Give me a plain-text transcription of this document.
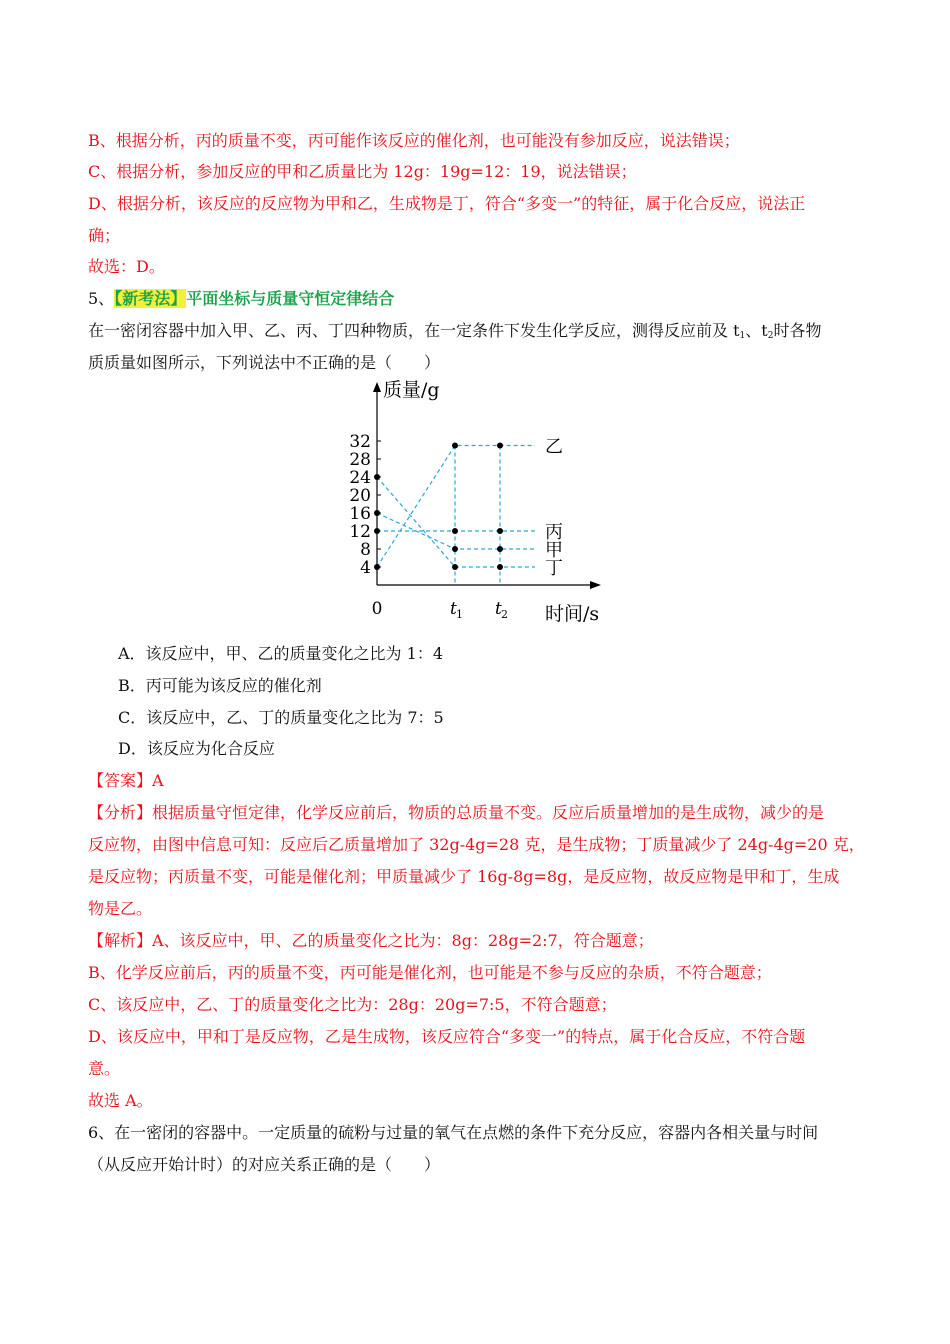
B、根据分析，丙的质量不变，丙可能作该反应的催化剂，也可能没有参加反应，说法错误；
C、根据分析，参加反应的甲和乙质量比为 12g：19g=12：19，说法错误；
D、根据分析，该反应的反应物为甲和乙，生成物是丁，符合“多变一”的特征，属于化合反应，说法正
确；
故选：D。
5、【新考法】平面坐标与质量守恒定律结合
在一密闭容器中加入甲、乙、丙、丁四种物质，在一定条件下发生化学反应，测得反应前及 $t_1$、$t_2$时各物
质质量如图所示，下列说法中不正确的是（　　）
4
8
12
16
20
24
28
32
t 1 t 2
质量/g
时间/s
0
乙
丙
甲
丁
A．该反应中，甲、乙的质量变化之比为 1：4
B．丙可能为该反应的催化剂
C．该反应中，乙、丁的质量变化之比为 7：5
D．该反应为化合反应
【答案】A
【分析】根据质量守恒定律，化学反应前后，物质的总质量不变。反应后质量增加的是生成物，减少的是
反应物，由图中信息可知：反应后乙质量增加了 32g-4g=28 克，是生成物；丁质量减少了 24g-4g=20 克，
是反应物；丙质量不变，可能是催化剂；甲质量减少了 16g-8g=8g，是反应物，故反应物是甲和丁，生成
物是乙。
【解析】A、该反应中，甲、乙的质量变化之比为：8g：28g=2:7，符合题意；
B、化学反应前后，丙的质量不变，丙可能是催化剂，也可能是不参与反应的杂质，不符合题意；
C、该反应中，乙、丁的质量变化之比为：28g：20g=7:5，不符合题意；
D、该反应中，甲和丁是反应物，乙是生成物，该反应符合“多变一”的特点，属于化合反应，不符合题
意。
故选 A。
6、在一密闭的容器中。一定质量的硫粉与过量的氧气在点燃的条件下充分反应，容器内各相关量与时间
（从反应开始计时）的对应关系正确的是（　　）
